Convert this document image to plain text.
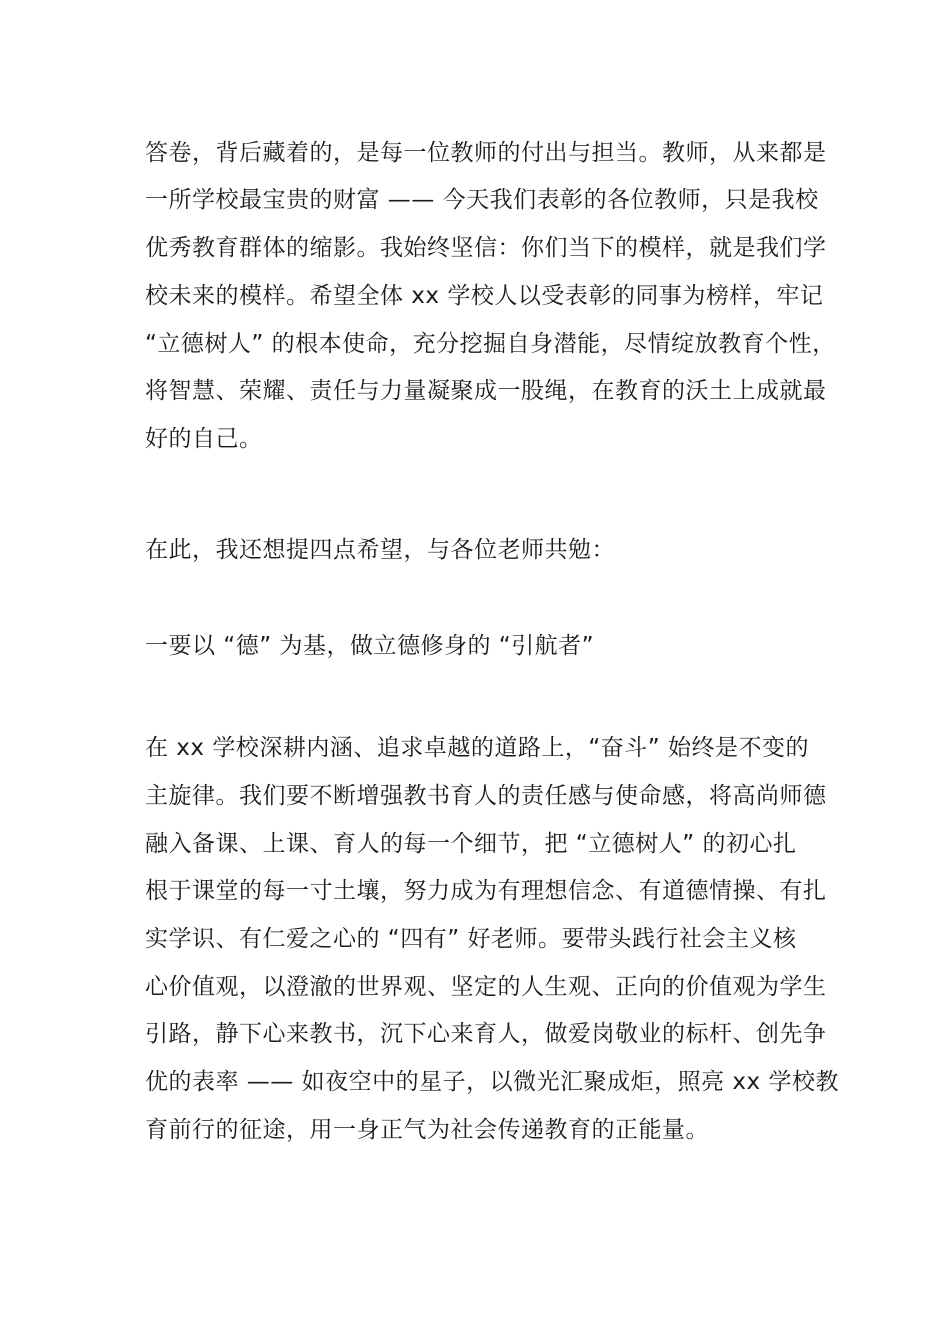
答卷，背后藏着的，是每一位教师的付出与担当。教师，从来都是
一所学校最宝贵的财富 —— 今天我们表彰的各位教师，只是我校
优秀教育群体的缩影。我始终坚信：你们当下的模样，就是我们学
校未来的模样。希望全体 xx 学校人以受表彰的同事为榜样，牢记
“立德树人” 的根本使命，充分挖掘自身潜能，尽情绽放教育个性，
将智慧、荣耀、责任与力量凝聚成一股绳，在教育的沃土上成就最
好的自己。
在此，我还想提四点希望，与各位老师共勉：
一要以 “德” 为基，做立德修身的 “引航者”
在 xx 学校深耕内涵、追求卓越的道路上，“奋斗” 始终是不变的
主旋律。我们要不断增强教书育人的责任感与使命感，将高尚师德
融入备课、上课、育人的每一个细节，把 “立德树人” 的初心扎
根于课堂的每一寸土壤，努力成为有理想信念、有道德情操、有扎
实学识、有仁爱之心的 “四有” 好老师。要带头践行社会主义核
心价值观，以澄澈的世界观、坚定的人生观、正向的价值观为学生
引路，静下心来教书，沉下心来育人，做爱岗敬业的标杆、创先争
优的表率 —— 如夜空中的星子，以微光汇聚成炬，照亮 xx 学校教
育前行的征途，用一身正气为社会传递教育的正能量。
